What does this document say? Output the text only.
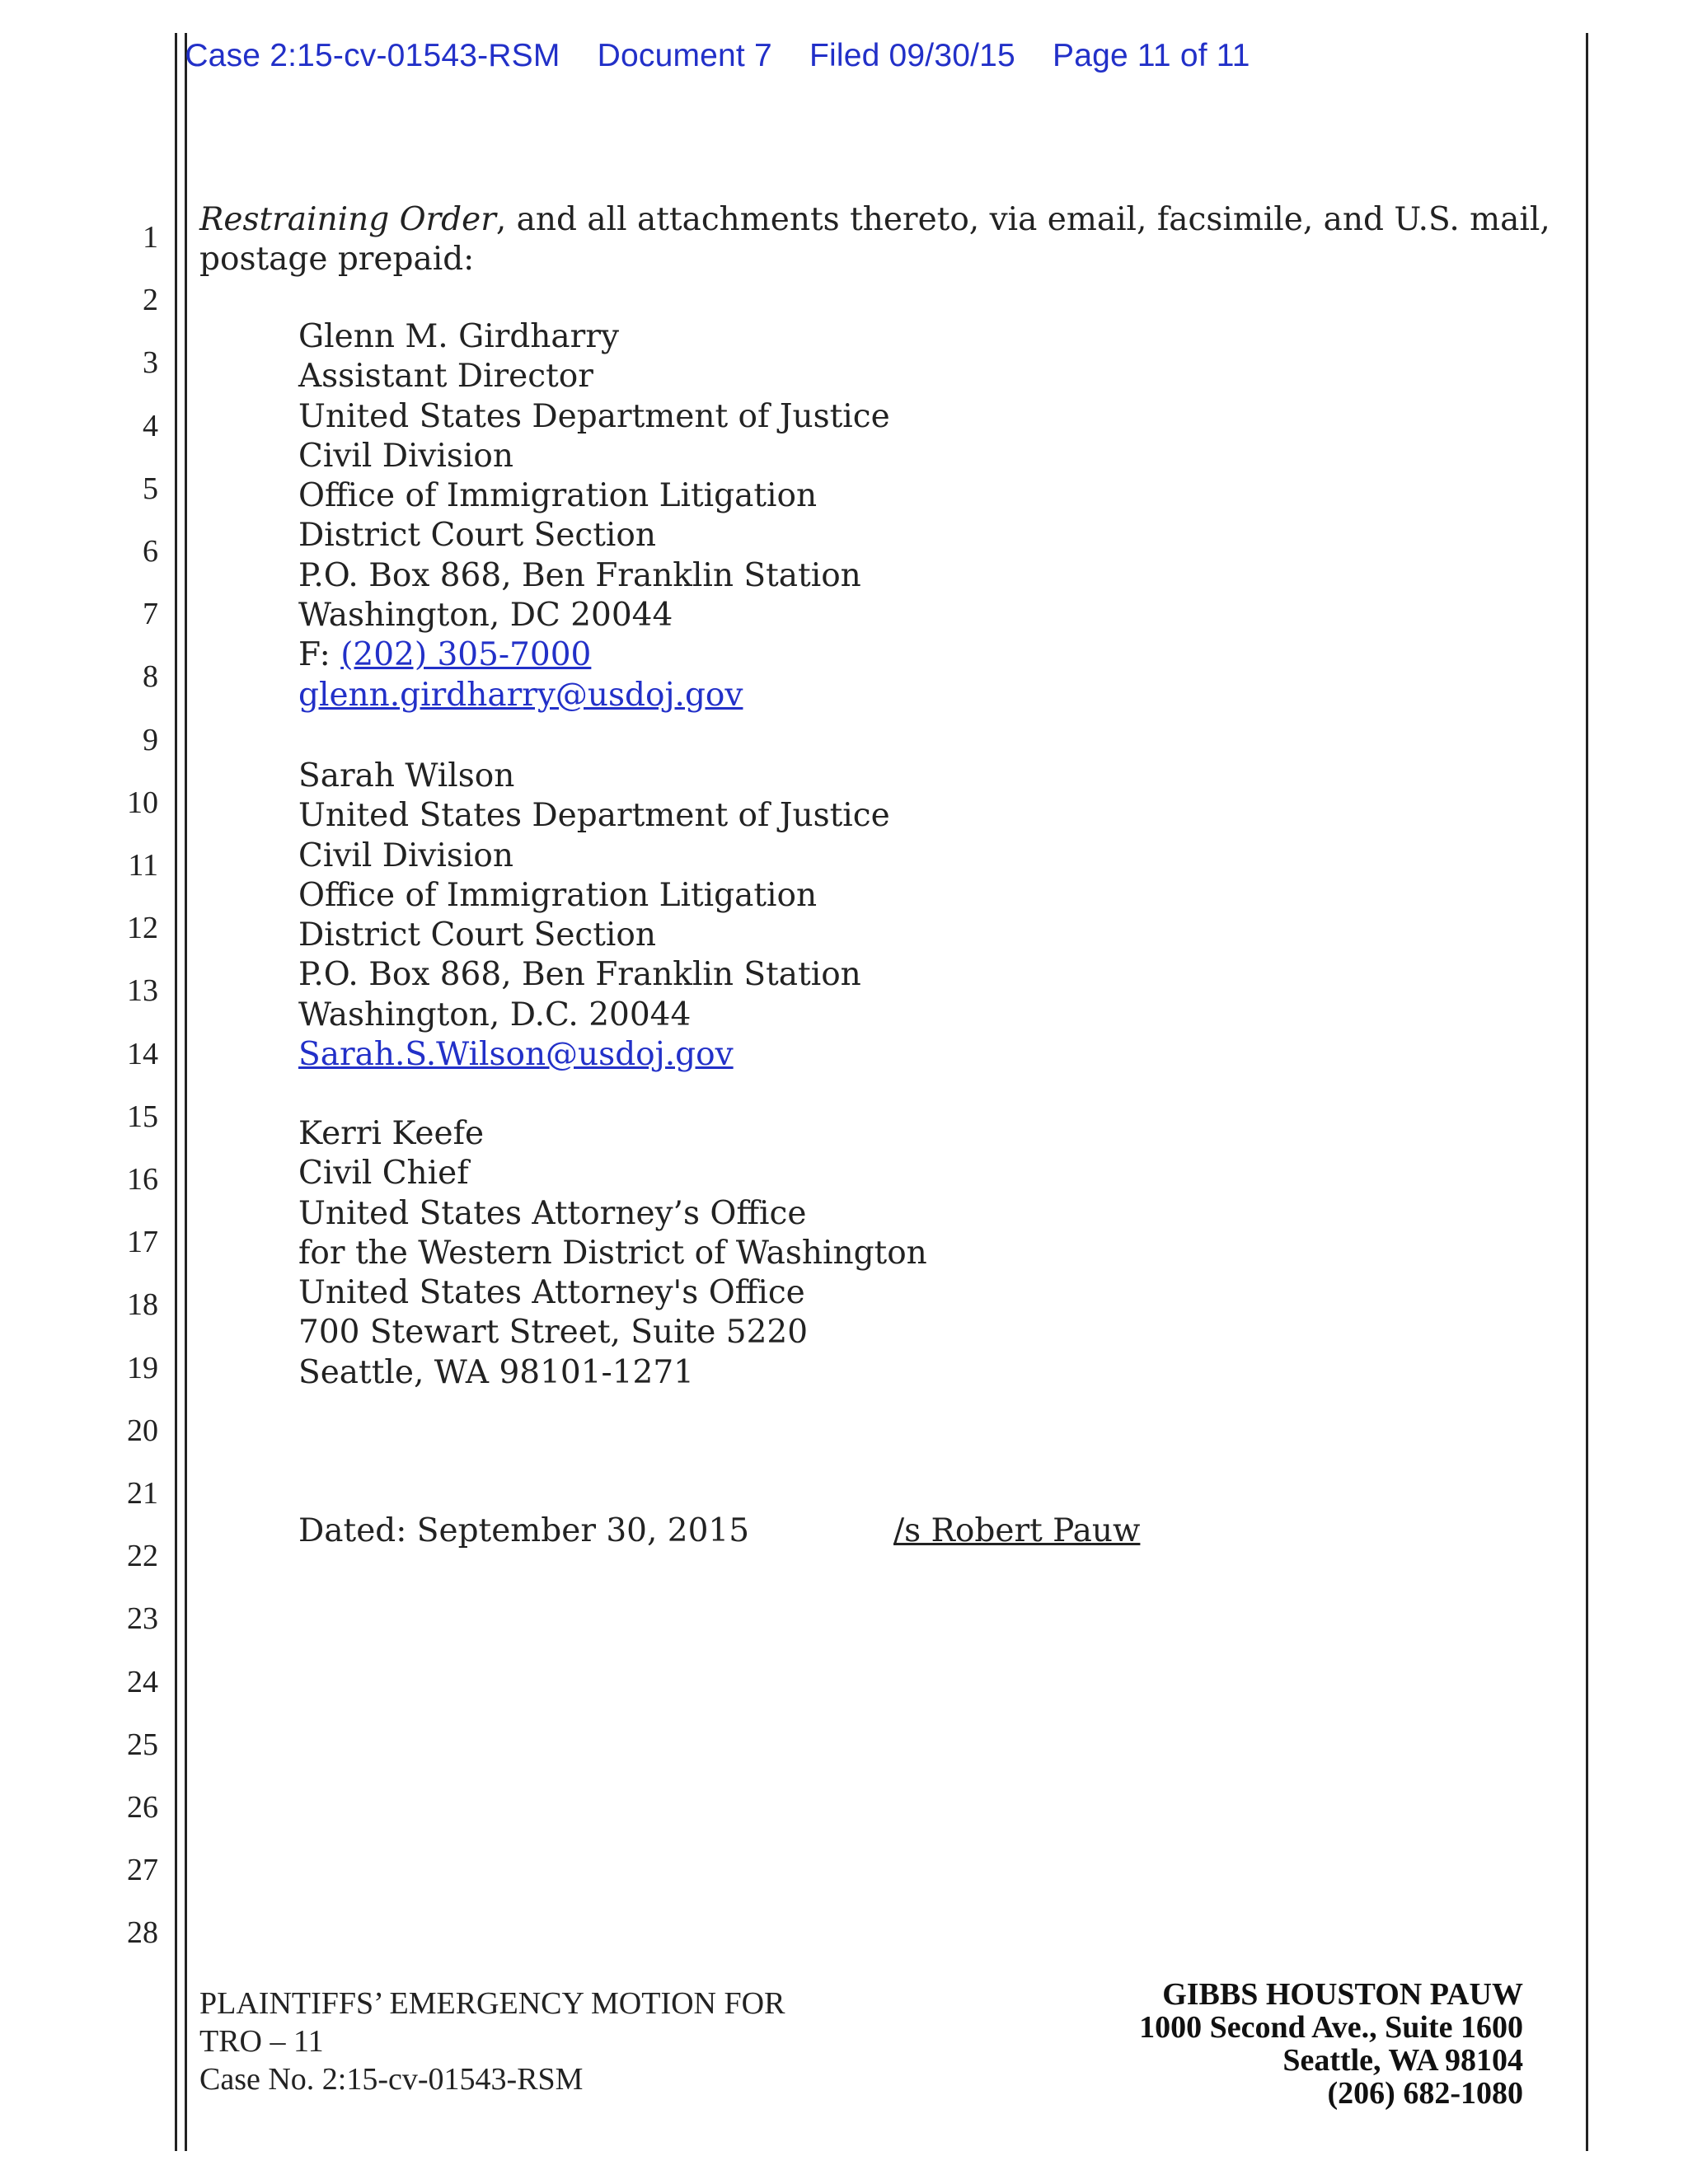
Case 2:15-cv-01543-RSM Document 7 Filed 09/30/15 Page 11 of 11
1
2
3
4
5
6
7
8
9
10
11
12
13
14
15
16
17
18
19
20
21
22
23
24
25
26
27
28
Restraining Order, and all attachments thereto, via email, facsimile, and U.S. mail,
postage prepaid:
Glenn M. Girdharry
Assistant Director
United States Department of Justice
Civil Division
Office of Immigration Litigation
District Court Section
P.O. Box 868, Ben Franklin Station
Washington, DC 20044
F: (202) 305-7000
glenn.girdharry@usdoj.gov
Sarah Wilson
United States Department of Justice
Civil Division
Office of Immigration Litigation
District Court Section
P.O. Box 868, Ben Franklin Station
Washington, D.C. 20044
Sarah.S.Wilson@usdoj.gov
Kerri Keefe
Civil Chief
United States Attorney’s Office
for the Western District of Washington
United States Attorney's Office
700 Stewart Street, Suite 5220
Seattle, WA 98101-1271
Dated: September 30, 2015	/s Robert Pauw
PLAINTIFFS’ EMERGENCY MOTION FOR
TRO – 11
Case No. 2:15-cv-01543-RSM
GIBBS HOUSTON PAUW
1000 Second Ave., Suite 1600
Seattle, WA 98104
(206) 682-1080
